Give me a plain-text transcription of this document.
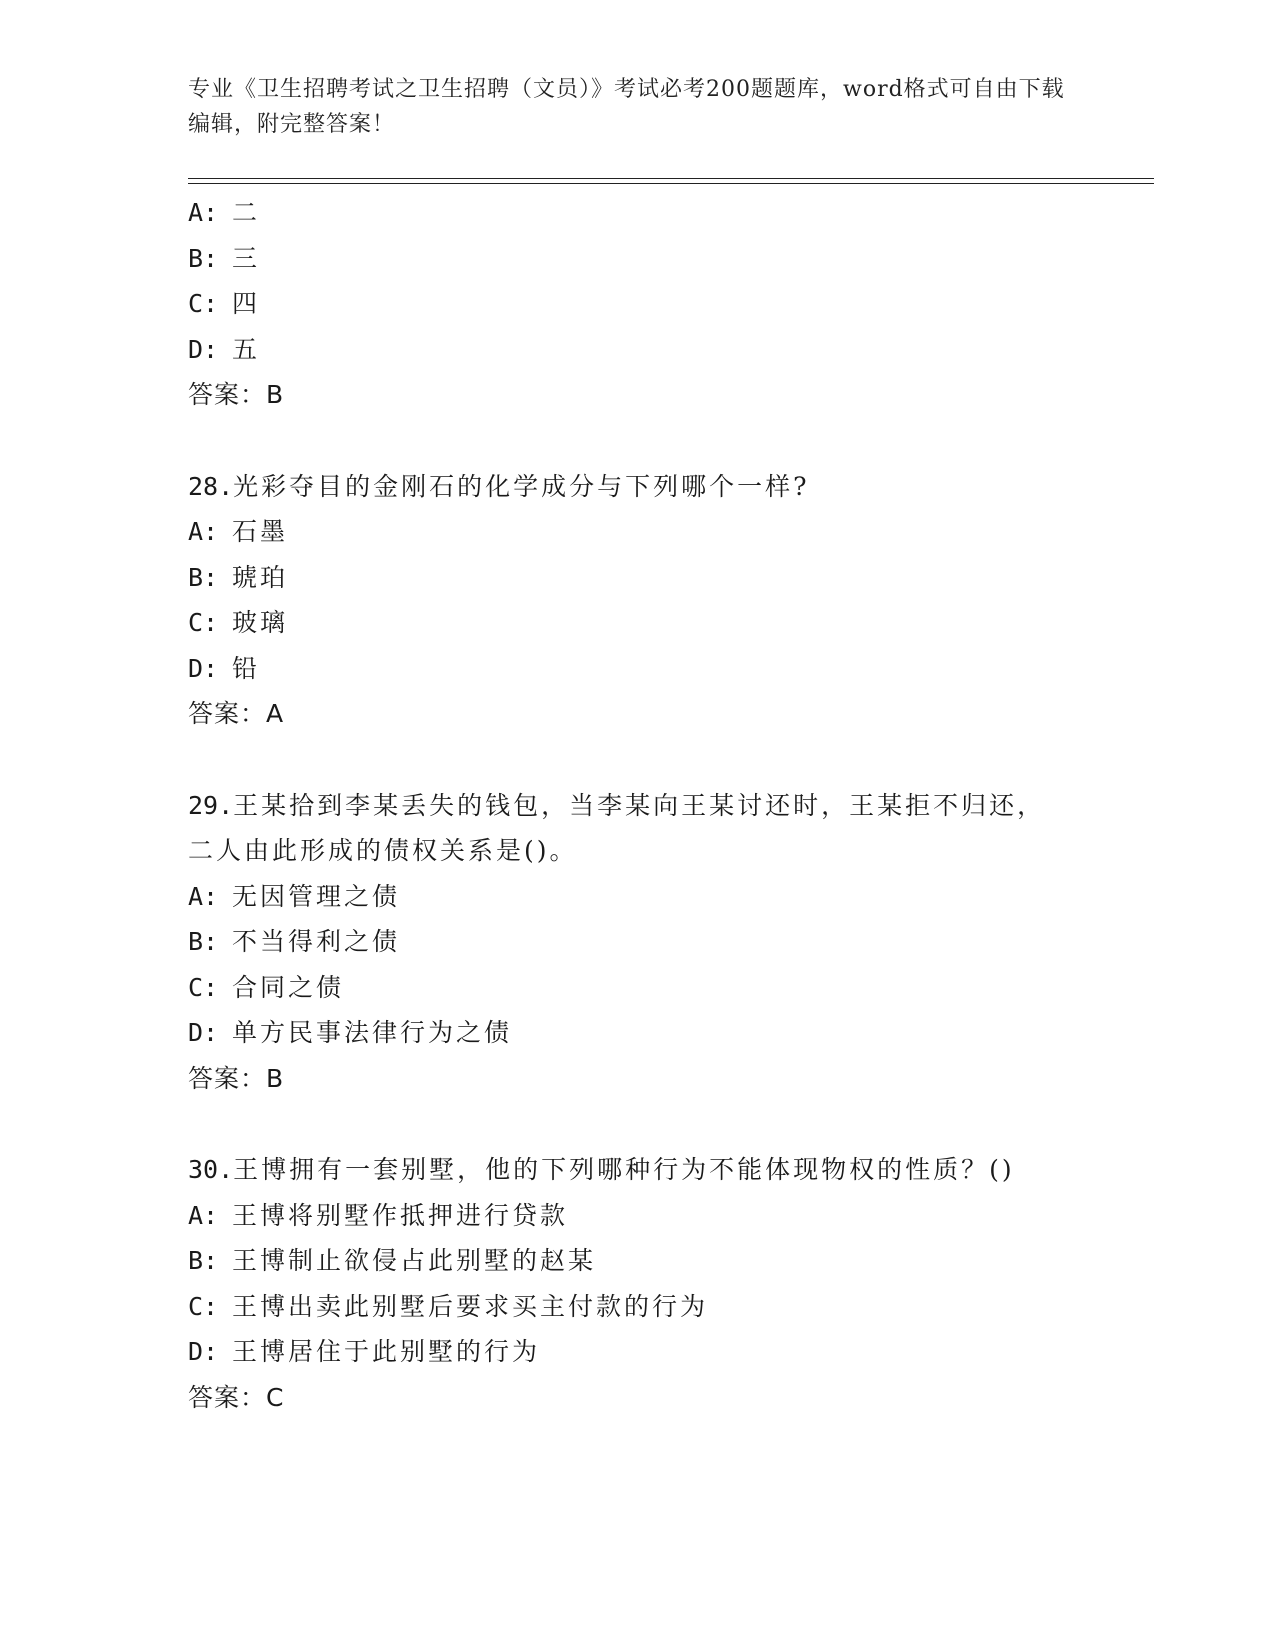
专业《卫生招聘考试之卫生招聘（文员）》考试必考200题题库，word格式可自由下载编辑，附完整答案！
A: 二
B: 三
C: 四
D: 五
答案：B
28.光彩夺目的金刚石的化学成分与下列哪个一样?
A: 石墨
B: 琥珀
C: 玻璃
D: 铅
答案：A
29.王某拾到李某丢失的钱包，当李某向王某讨还时，王某拒不归还，
二人由此形成的债权关系是()。
A: 无因管理之债
B: 不当得利之债
C: 合同之债
D: 单方民事法律行为之债
答案：B
30.王博拥有一套别墅，他的下列哪种行为不能体现物权的性质？()
A: 王博将别墅作抵押进行贷款
B: 王博制止欲侵占此别墅的赵某
C: 王博出卖此别墅后要求买主付款的行为
D: 王博居住于此别墅的行为
答案：C
